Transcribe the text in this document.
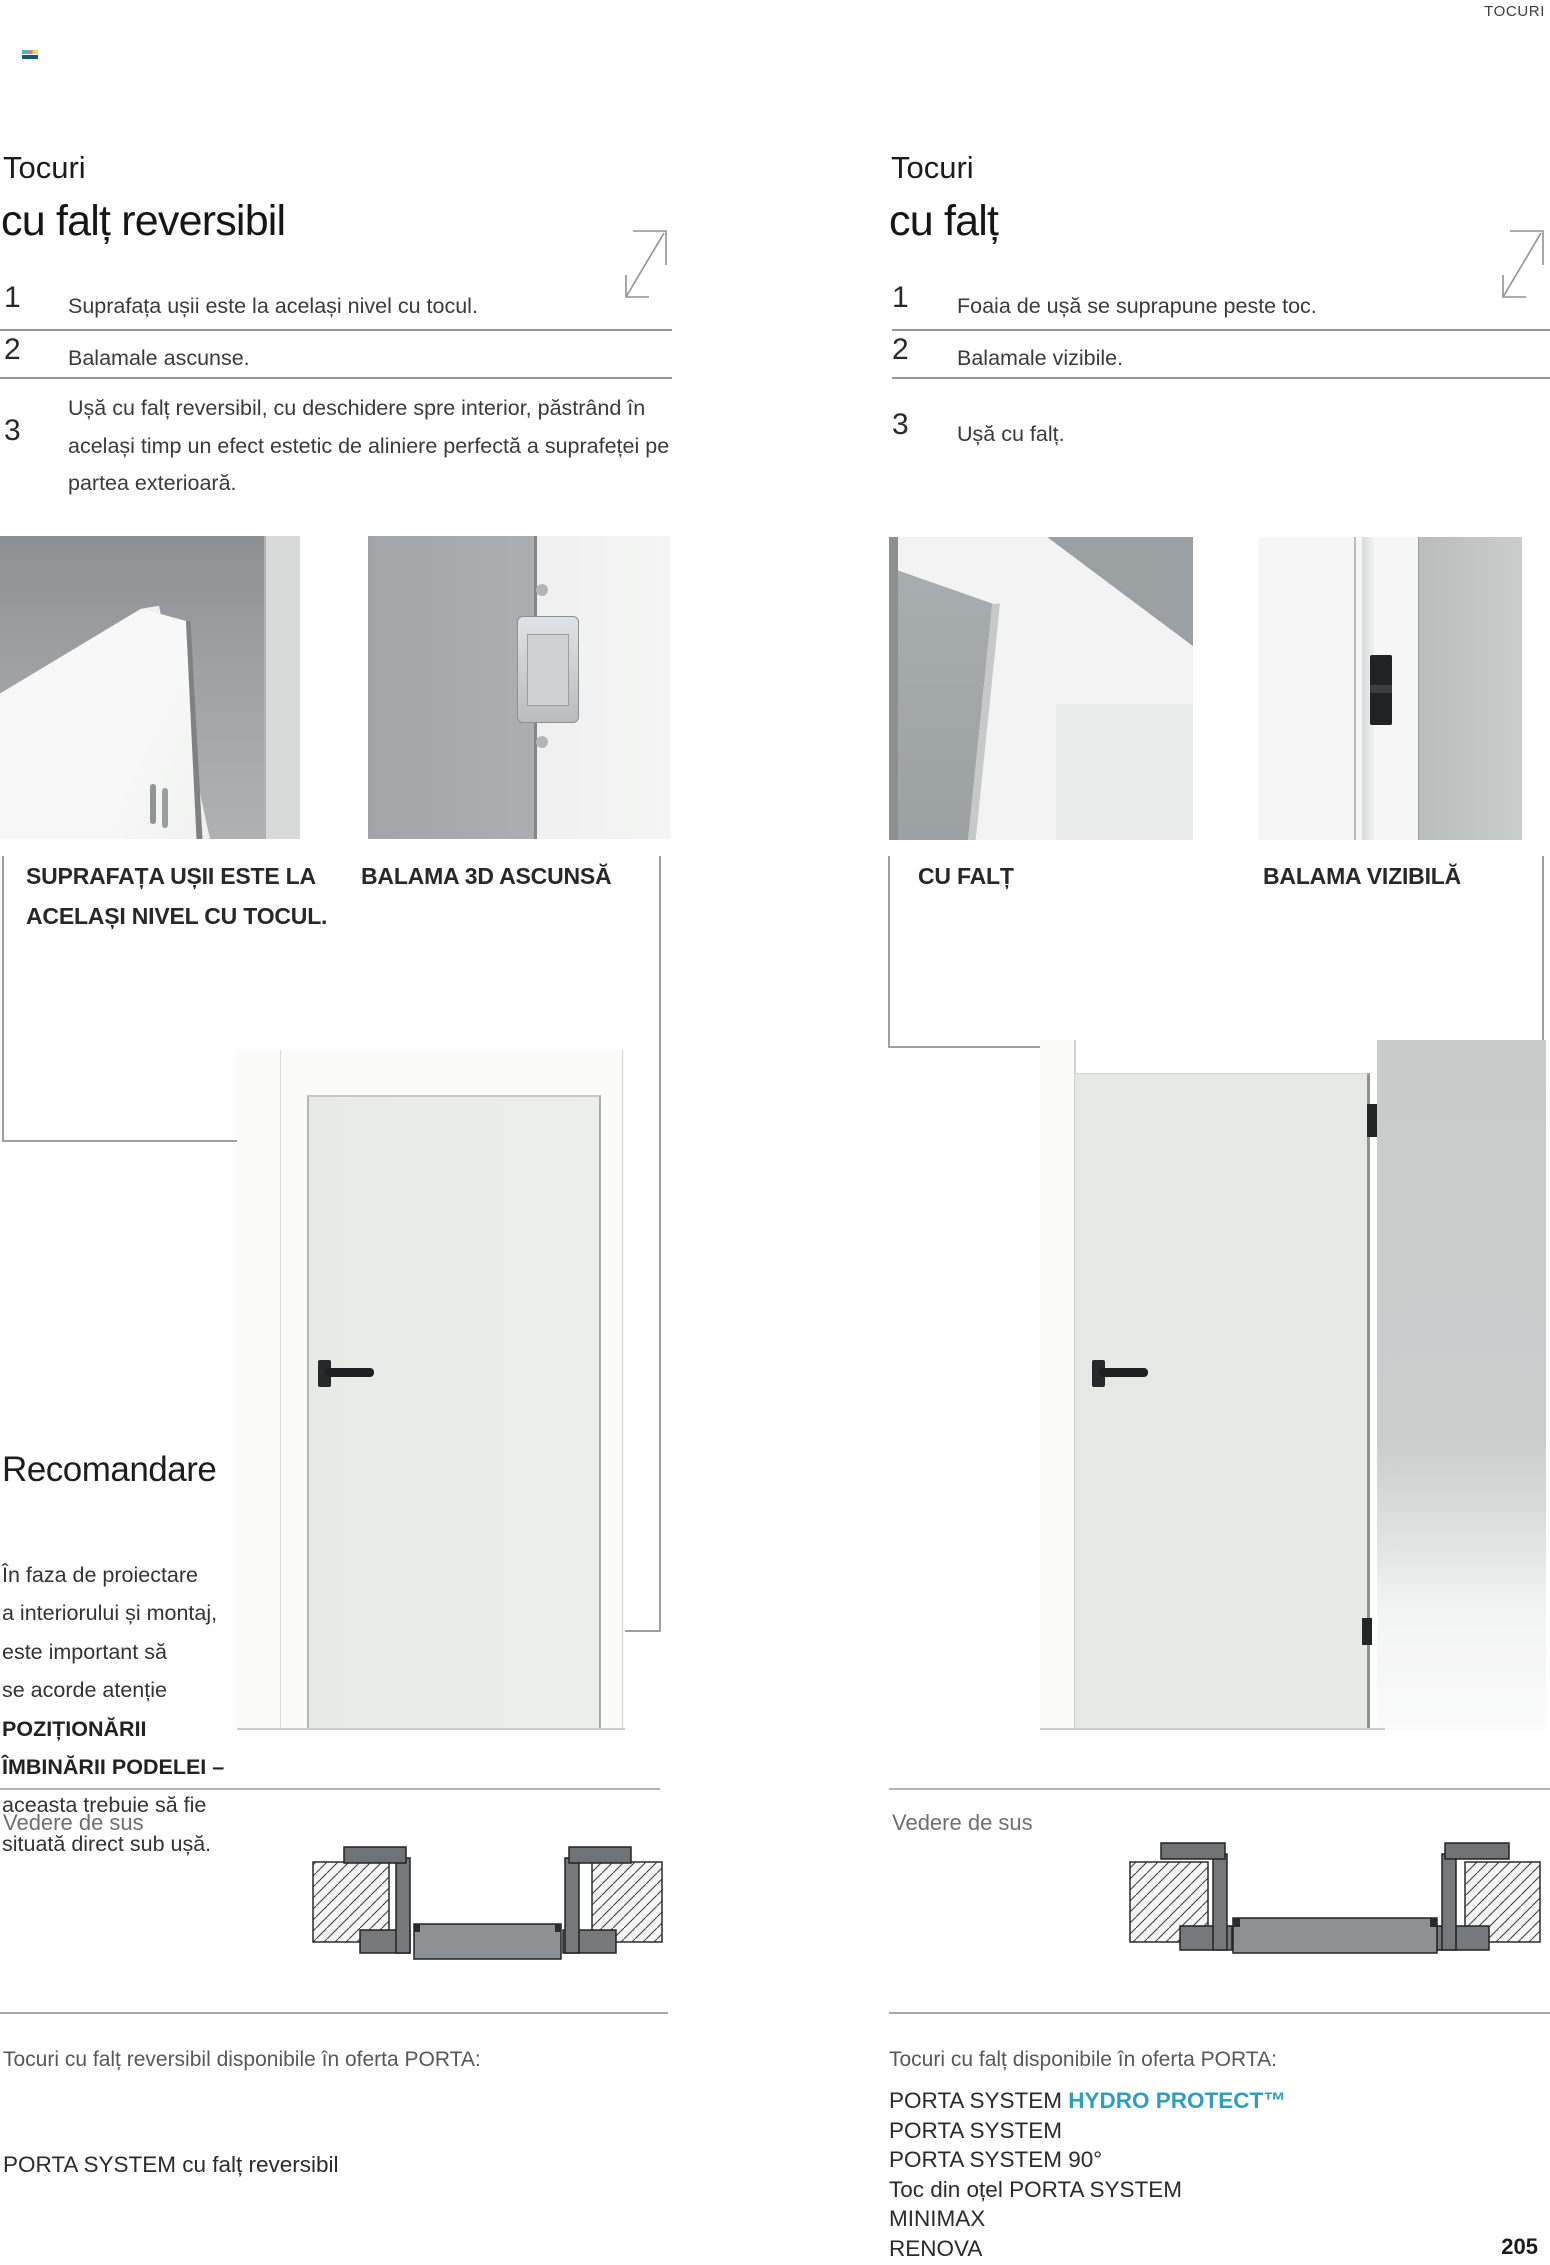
TOCURI
Tocuri
cu falț reversibil
1 Suprafața ușii este la același nivel cu tocul.
2 Balamale ascunse.
3
Ușă cu falț reversibil, cu deschidere spre interior, păstrând în același timp un efect estetic de aliniere perfectă a suprafeței pe partea exterioară.
SUPRAFAȚA UȘII ESTE LA ACELAȘI NIVEL CU TOCUL.
BALAMA 3D ASCUNSĂ
Recomandare
În faza de proiectare
a interiorului și montaj,
este important să
se acorde atenție
POZIȚIONĂRII
ÎMBINĂRII PODELEI –
aceasta trebuie să fie
situată direct sub ușă.
Vedere de sus
Tocuri cu falț reversibil disponibile în oferta PORTA:
PORTA SYSTEM cu falț reversibil
Tocuri
cu falț
1 Foaia de ușă se suprapune peste toc.
2 Balamale vizibile.
3 Ușă cu falț.
CU FALȚ	BALAMA VIZIBILĂ
Vedere de sus
Tocuri cu falț disponibile în oferta PORTA:
PORTA SYSTEM HYDRO PROTECT™
PORTA SYSTEM
PORTA SYSTEM 90°
Toc din oțel PORTA SYSTEM
MINIMAX
RENOVA	205
